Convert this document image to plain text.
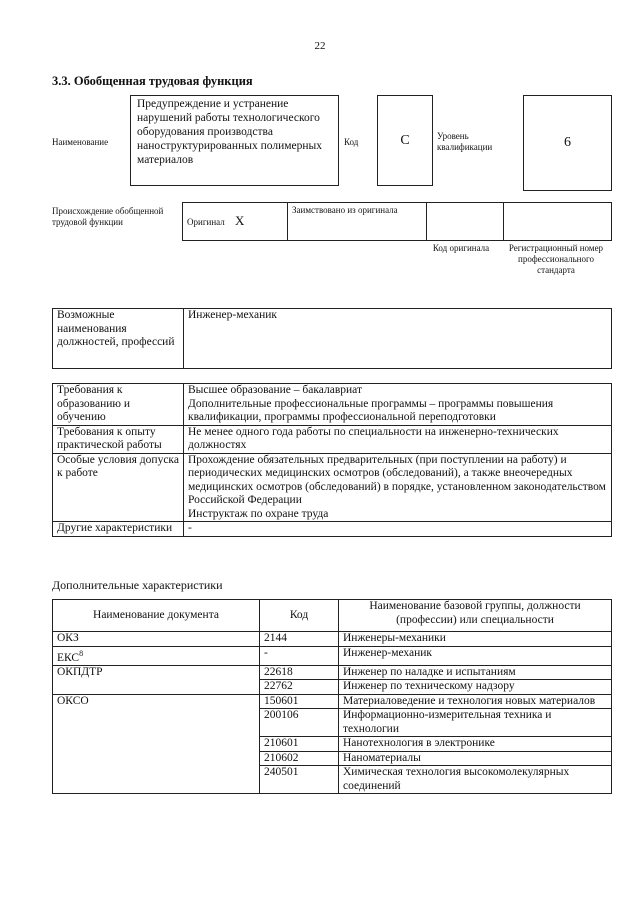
22
3.3. Обобщенная трудовая функция
Наименование
Предупреждение и устранение нарушений работы технологического оборудования производства наноструктурированных полимерных материалов
Код	С	Уровень квалификации	6
Происхождение обобщенной трудовой функции	Оригинал Х	Заимствовано из оригинала		
Код оригинала	Регистрационный номер профессионального стандарта
Возможные наименования должностей, профессий	Инженер-механик
Требования к образованию и обучению	Высшее образование – бакалавриат
Дополнительные профессиональные программы – программы повышения квалификации, программы профессиональной переподготовки

Требования к опыту практической работы	Не менее одного года работы по специальности на инженерно-технических должностях

Особые условия допуска к работе	Прохождение обязательных предварительных (при поступлении на работу) и периодических медицинских осмотров (обследований), а также внеочередных медицинских осмотров (обследований) в порядке, установленном законодательством Российской Федерации
Инструктаж по охране труда

Другие характеристики	-
Дополнительные характеристики
Наименование документа	Код	Наименование базовой группы, должности (профессии) или специальности
ОКЗ	2144	Инженеры-механики
ЕКС$^8$	-	Инженер-механик
ОКПДТР	22618	Инженер по наладке и испытаниям
	22762	Инженер по техническому надзору
ОКСО	150601	Материаловедение и технология новых материалов
	200106	Информационно-измерительная техника и технологии
	210601	Нанотехнология в электронике
	210602	Наноматериалы
	240501	Химическая технология высокомолекулярных соединений
